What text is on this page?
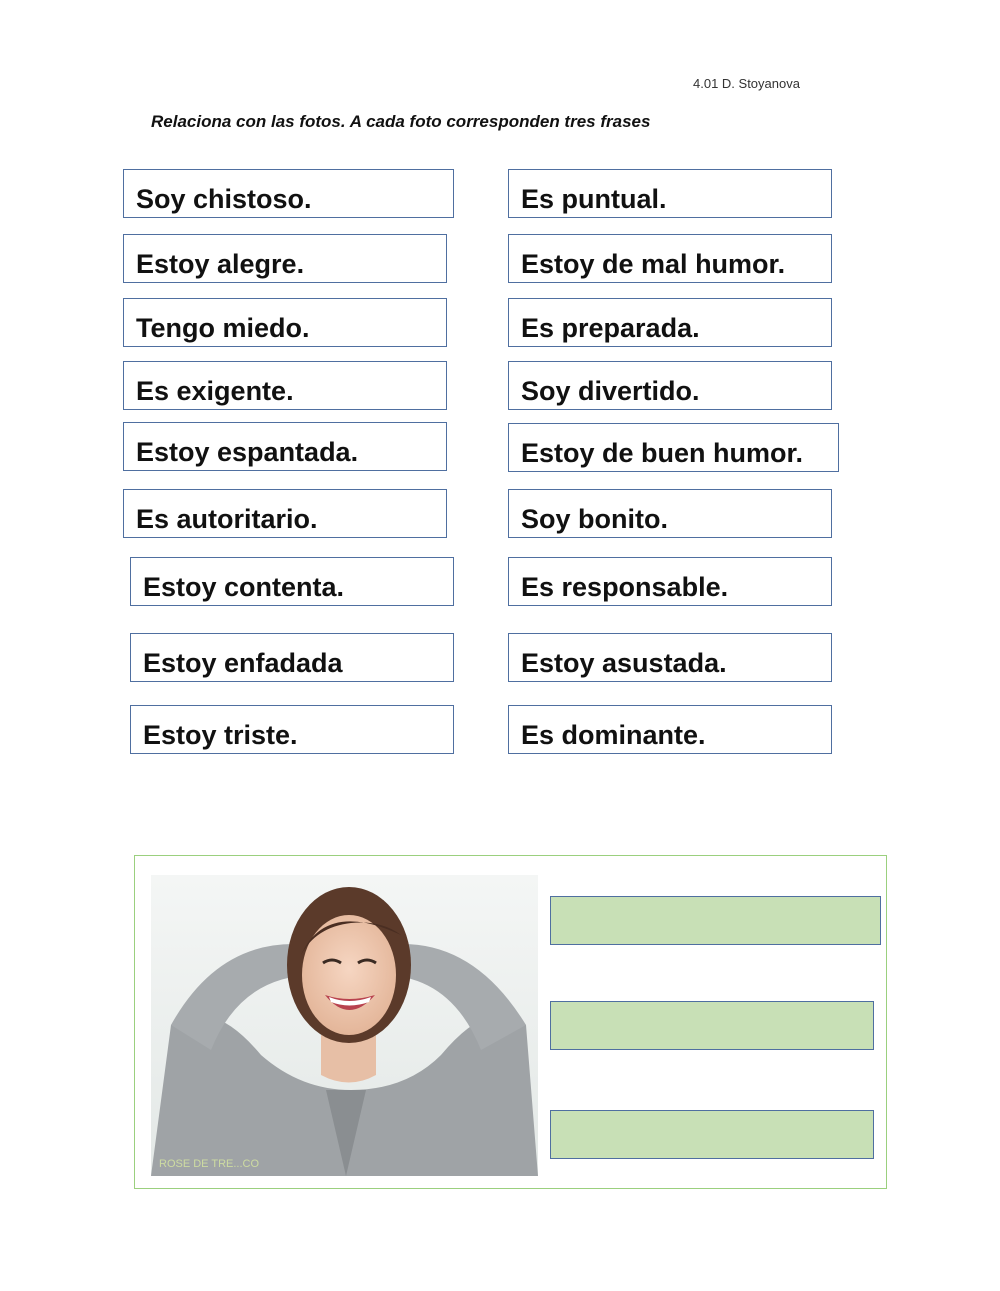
4.01 D. Stoyanova
Relaciona con las fotos. A cada foto corresponden tres frases
Soy chistoso.
Estoy alegre.
Tengo miedo.
Es exigente.
Estoy espantada.
Es autoritario.
Estoy contenta.
Estoy enfadada
Estoy triste.
Es puntual.
Estoy de mal humor.
Es preparada.
Soy divertido.
Estoy de buen humor.
Soy bonito.
Es responsable.
Estoy asustada.
Es dominante.
ROSE DE TRE...CO
